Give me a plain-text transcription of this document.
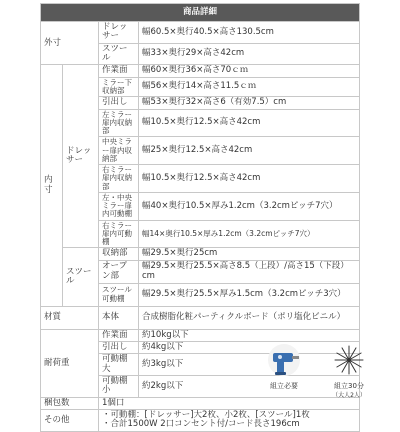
商品詳細			
外寸		ドレッサー	幅60.5×奥行40.5×高さ130.5cm
		スツール	幅33×奥行29×高さ42cm
内寸	ドレッサー	作業面	幅60×奥行36×高さ70ｃｍ
		ミラー下収納部	幅56×奥行14×高さ11.5ｃｍ
		引出し	幅53×奥行32×高さ6（有効7.5）cm
		左ミラー扉内収納部	幅10.5×奥行12.5×高さ42cm
		中央ミラー扉内収納部	幅25×奥行12.5×高さ42cm
		右ミラー扉内収納部	幅10.5×奥行12.5×高さ42cm
		左・中央ミラー扉内可動棚	幅40×奥行10.5×厚み1.2cm（3.2cmピッチ7穴）
		右ミラー扉内可動棚	幅14×奥行10.5×厚み1.2cm（3.2cmピッチ7穴）
	スツール	収納部	幅29.5×奥行25cm
		オープン部	幅29.5×奥行25.5×高さ8.5（上段）/高さ15（下段）cm
		スツール可動棚	幅29.5×奥行25.5×厚み1.5cm（3.2cmピッチ3穴）
材質		本体	合成樹脂化粧パーティクルボード（ポリ塩化ビニル）
耐荷重		作業面	約10kg以下
		引出し	約4kg以下
		可動棚大	約3kg以下
		可動棚小	約2kg以下
梱包数		1個口	
その他		・可動棚：[ドレッサー]大2枚、小2枚、[スツール]1枚
・合計1500W 2口コンセント付/コード長さ196cm	
組立必要	組立30分
（大人2人）
